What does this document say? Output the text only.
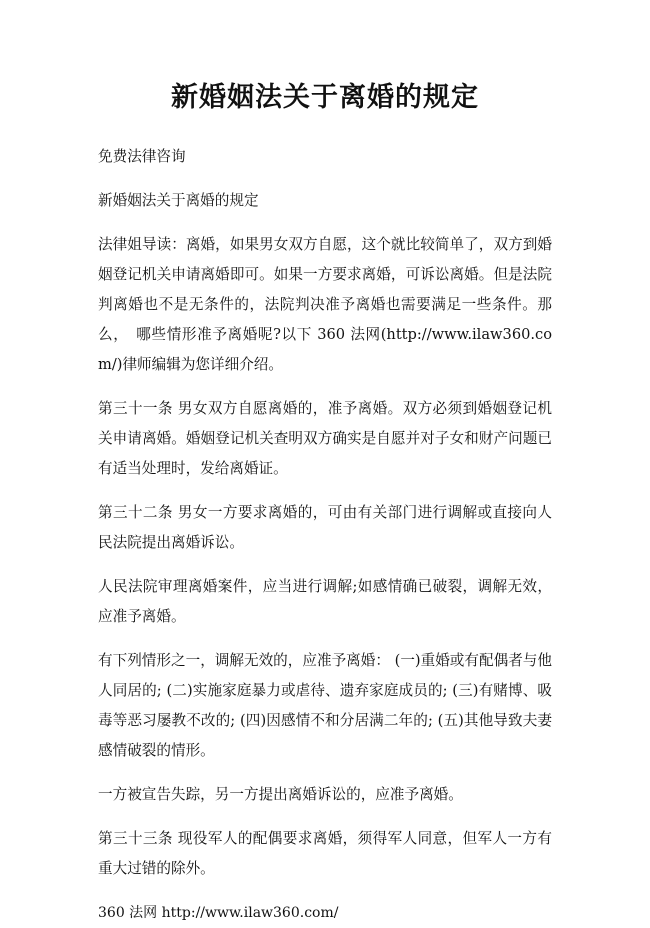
新婚姻法关于离婚的规定

免费法律咨询

新婚姻法关于离婚的规定

法律姐导读：离婚，如果男女双方自愿，这个就比较简单了，双方到婚姻登记机关申请离婚即可。如果一方要求离婚，可诉讼离婚。但是法院判离婚也不是无条件的，法院判决准予离婚也需要满足一些条件。那么，　哪些情形准予离婚呢?以下 360 法网(http://www.ilaw360.com/)律师编辑为您详细介绍。

第三十一条 男女双方自愿离婚的，准予离婚。双方必须到婚姻登记机关申请离婚。婚姻登记机关查明双方确实是自愿并对子女和财产问题已有适当处理时，发给离婚证。

第三十二条 男女一方要求离婚的，可由有关部门进行调解或直接向人民法院提出离婚诉讼。

人民法院审理离婚案件，应当进行调解;如感情确已破裂，调解无效，应准予离婚。

有下列情形之一，调解无效的，应准予离婚： (一)重婚或有配偶者与他人同居的; (二)实施家庭暴力或虐待、遗弃家庭成员的; (三)有赌博、吸毒等恶习屡教不改的; (四)因感情不和分居满二年的; (五)其他导致夫妻感情破裂的情形。

一方被宣告失踪，另一方提出离婚诉讼的，应准予离婚。

第三十三条 现役军人的配偶要求离婚，须得军人同意，但军人一方有重大过错的除外。

360 法网 http://www.ilaw360.com/
